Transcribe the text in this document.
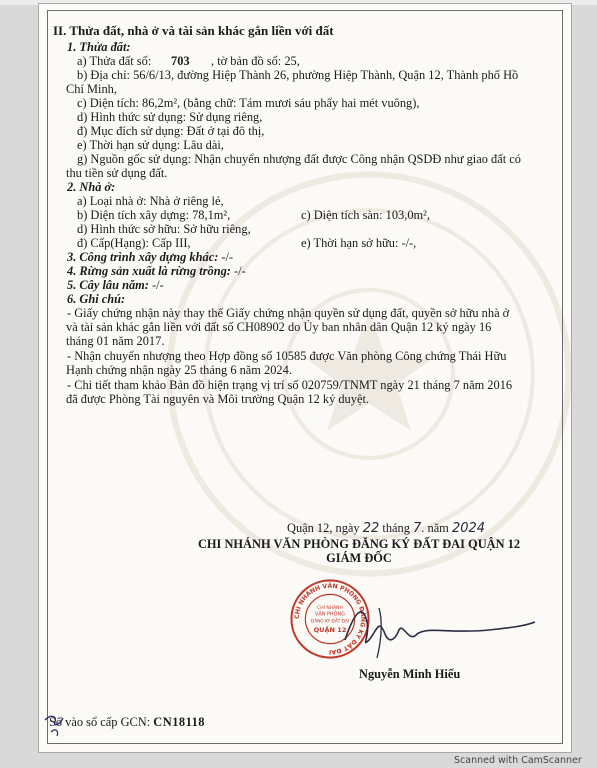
II. Thửa đất, nhà ở và tài sản khác gắn liền với đất
1. Thửa đất:
a) Thửa đất số: 703 , tờ bản đồ số: 25,
b) Địa chỉ: 56/6/13, đường Hiệp Thành 26, phường Hiệp Thành, Quận 12, Thành phố Hồ
Chí Minh,
c) Diện tích: 86,2m², (bằng chữ: Tám mươi sáu phẩy hai mét vuông),
d) Hình thức sử dụng: Sử dụng riêng,
đ) Mục đích sử dụng: Đất ở tại đô thị,
e) Thời hạn sử dụng: Lâu dài,
g) Nguồn gốc sử dụng: Nhận chuyển nhượng đất được Công nhận QSDĐ như giao đất có
thu tiền sử dụng đất.
2. Nhà ở:
a) Loại nhà ở: Nhà ở riêng lẻ,
b) Diện tích xây dựng: 78,1m²,	c) Diện tích sàn: 103,0m²,
d) Hình thức sở hữu: Sở hữu riêng,
đ) Cấp(Hạng): Cấp III,	e) Thời hạn sở hữu: -/-,
3. Công trình xây dựng khác: -/-
4. Rừng sản xuất là rừng trồng: -/-
5. Cây lâu năm: -/-
6. Ghi chú:
- Giấy chứng nhận này thay thế Giấy chứng nhận quyền sử dụng đất, quyền sở hữu nhà ở
và tài sản khác gắn liền với đất số CH08902 do Ủy ban nhân dân Quận 12 ký ngày 16
tháng 01 năm 2017.
- Nhận chuyển nhượng theo Hợp đồng số 10585 được Văn phòng Công chứng Thái Hữu
Hạnh chứng nhận ngày 25 tháng 6 năm 2024.
- Chi tiết tham khảo Bản đồ hiện trạng vị trí số 020759/TNMT ngày 21 tháng 7 năm 2016
đã được Phòng Tài nguyên và Môi trường Quận 12 ký duyệt.
Quận 12, ngày 22 tháng 7. năm 2024
CHI NHÁNH VĂN PHÒNG ĐĂNG KÝ ĐẤT ĐAI QUẬN 12
GIÁM ĐỐC
CHI NHÁNH VĂN PHÒNG ĐĂNG KÝ ĐẤT ĐAI
CHI NHÁNH
VĂN PHÒNG
ĐĂNG KÝ ĐẤT ĐAI
QUẬN 12
Nguyễn Minh Hiếu
Số vào sổ cấp GCN: CN18118
Scanned with CamScanner
